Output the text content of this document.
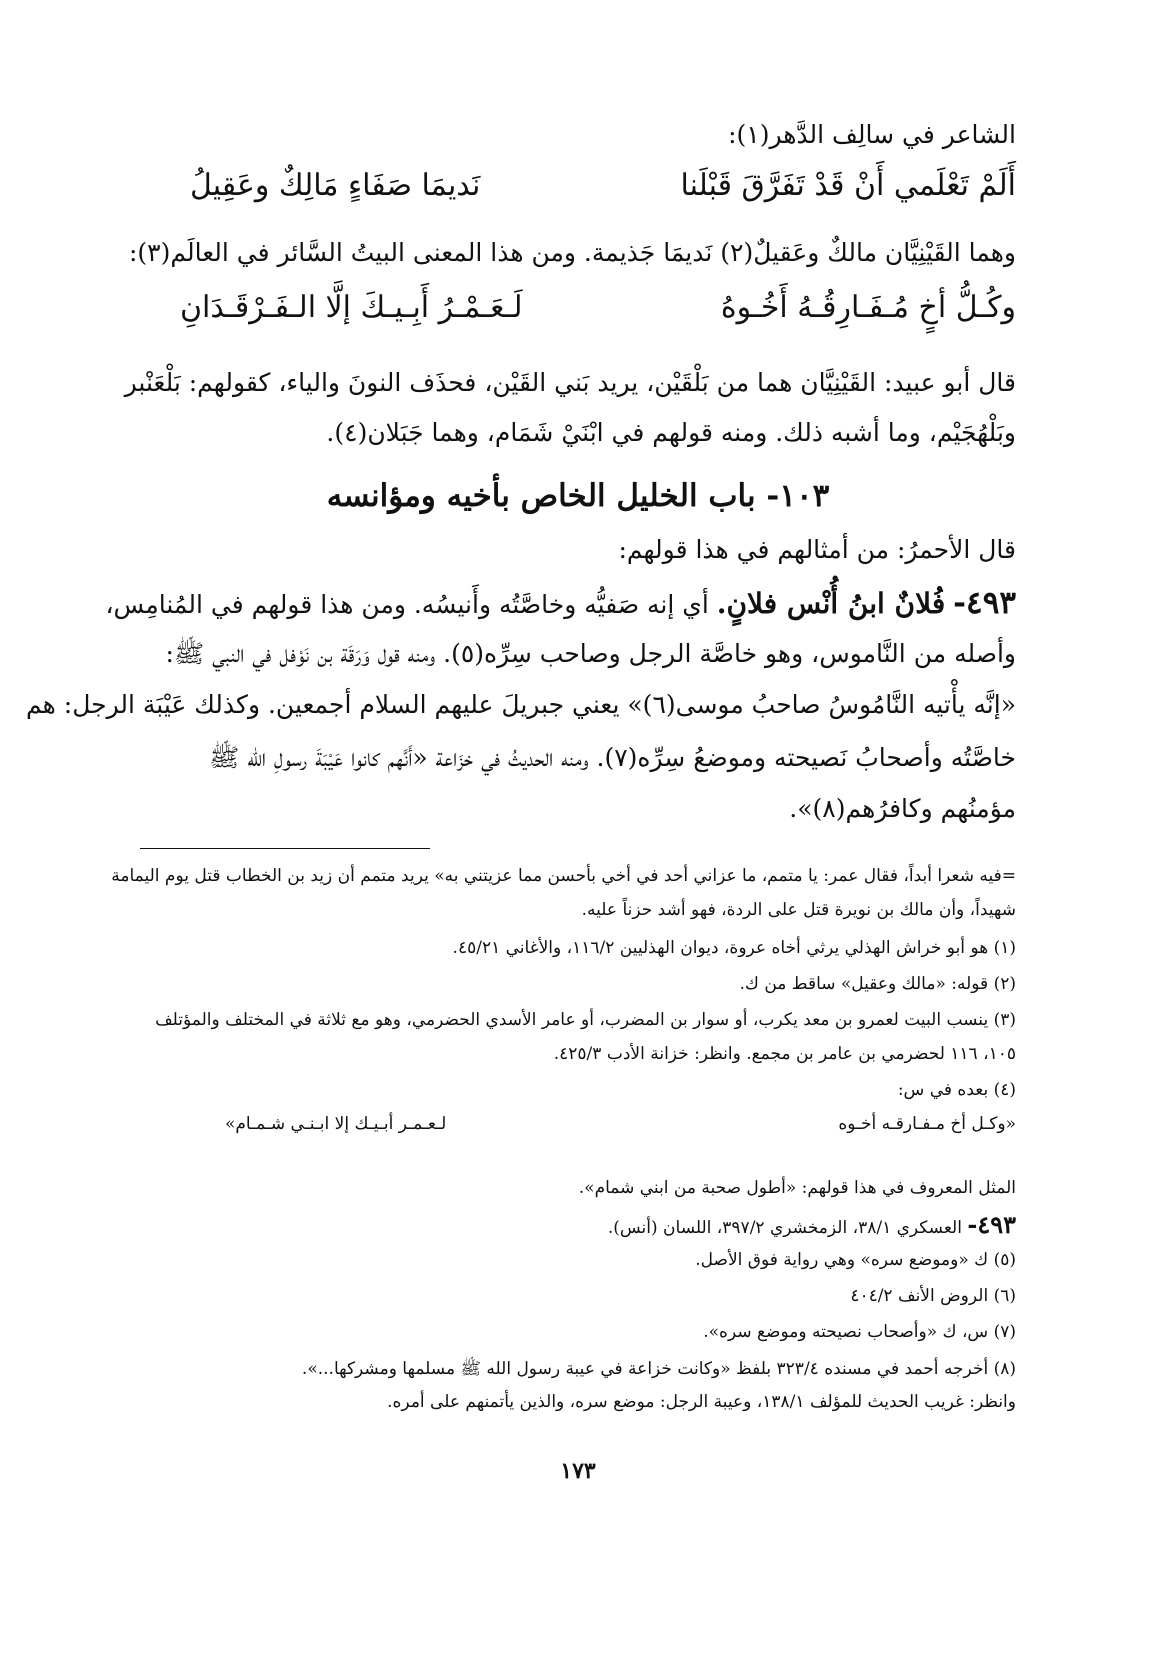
الشاعر في سالِف الدَّهر(١):
أَلَمْ تَعْلَمي أَنْ قَدْ تَفَرَّقَ قَبْلَنا
نَديمَا صَفَاءٍ مَالِكٌ وعَقِيلُ
وهما القَيْنِيَّان مالكٌ وعَقيلٌ(٢) نَديمَا جَذيمة. ومن هذا المعنى البيتُ السَّائر في العالَم(٣):
وكُـلُّ أخٍ مُـفَـارِقُـهُ أَخُـوهُ
لَـعَـمْـرُ أَبِـيـكَ إلَّا الـفَـرْقَـدَانِ
قال أبو عبيد: القَيْنِيَّان هما من بَلْقَيْن، يريد بَني القَيْن، فحذَف النونَ والياء، كقولهم: بَلْعَنْبر
وبَلْهُجَيْم، وما أشبه ذلك. ومنه قولهم في ابْنَيْ شَمَام، وهما جَبَلان(٤).
١٠٣- باب الخليل الخاص بأخيه ومؤانسه
قال الأحمرُ: من أمثالهم في هذا قولهم:
٤٩٣- فُلانٌ ابنُ أُنْس فلانٍ. أي إنه صَفيُّه وخاصَّتُه وأَنيسُه. ومن هذا قولهم في المُنامِس،
وأصله من النَّاموس، وهو خاصَّة الرجل وصاحب سِرِّه(٥). ومنه قول وَرَقَة بن نَوْفل في النبي ﷺ:
«إنَّه يأْتيه النَّامُوسُ صاحبُ موسى(٦)» يعني جبريلَ عليهم السلام أجمعين. وكذلك عَيْبَة الرجل: هم
خاصَّتُه وأصحابُ نَصيحته وموضعُ سِرِّه(٧). ومنه الحديثُ في خزَاعة «أَنَّهم كانوا عَيْبَةَ رسولِ الله ﷺ
مؤمنُهم وكافرُهم(٨)».
=فيه شعرا أبداً، فقال عمر: يا متمم، ما عزاني أحد في أخي بأحسن مما عزيتني به» يريد متمم أن زيد بن الخطاب قتل يوم اليمامة
شهيداً، وأن مالك بن نويرة قتل على الردة، فهو أشد حزناً عليه.
(١) هو أبو خراش الهذلي يرثي أخاه عروة، ديوان الهذليين ١١٦/٢، والأغاني ٤٥/٢١.
(٢) قوله: «مالك وعقيل» ساقط من ك.
(٣) ينسب البيت لعمرو بن معد يكرب، أو سوار بن المضرب، أو عامر الأسدي الحضرمي، وهو مع ثلاثة في المختلف والمؤتلف
١٠٥، ١١٦ لحضرمي بن عامر بن مجمع. وانظر: خزانة الأدب ٤٢٥/٣.
(٤) بعده في س:
«وكـل أخ مـفـارقـه أخـوه
لـعـمـر أبـيـك إلا ابـنـي شـمـام»
المثل المعروف في هذا قولهم: «أطول صحبة من ابني شمام».
٤٩٣- العسكري ٣٨/١، الزمخشري ٣٩٧/٢، اللسان (أنس).
(٥) ك «وموضع سره» وهي رواية فوق الأصل.
(٦) الروض الأنف ٤٠٤/٢
(٧) س، ك «وأصحاب نصيحته وموضع سره».
(٨) أخرجه أحمد في مسنده ٣٢٣/٤ بلفظ «وكانت خزاعة في عيبة رسول الله ﷺ مسلمها ومشركها...».
وانظر: غريب الحديث للمؤلف ١٣٨/١، وعيبة الرجل: موضع سره، والذين يأتمنهم على أمره.
١٧٣
